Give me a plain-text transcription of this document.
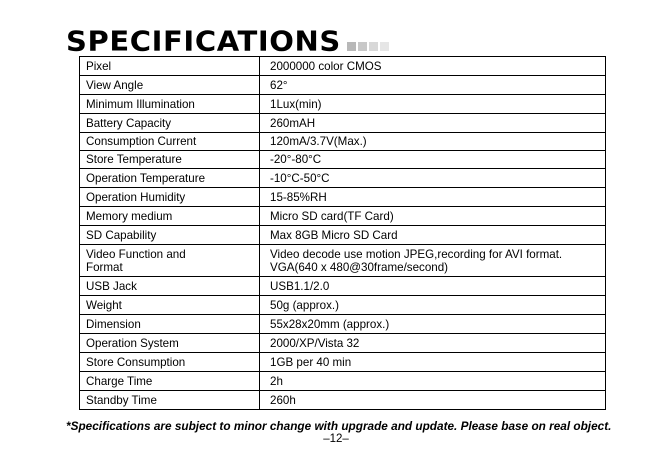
SPECIFICATIONS
Pixel	2000000 color CMOS
View Angle	62°
Minimum Illumination	1Lux(min)
Battery Capacity	260mAH
Consumption Current	120mA/3.7V(Max.)
Store Temperature	-20°-80°C
Operation Temperature	-10°C-50°C
Operation Humidity	15-85%RH
Memory medium	Micro SD card(TF Card)
SD Capability	Max 8GB Micro SD Card
Video Function and Format	Video decode use motion JPEG,recording for AVI format. VGA(640 x 480@30frame/second)
USB Jack	USB1.1/2.0
Weight	50g (approx.)
Dimension	55x28x20mm (approx.)
Operation System	2000/XP/Vista 32
Store Consumption	1GB per 40 min
Charge Time	2h
Standby Time	260h
*Specifications are subject to minor change with upgrade and update. Please base on real object.
–12–
